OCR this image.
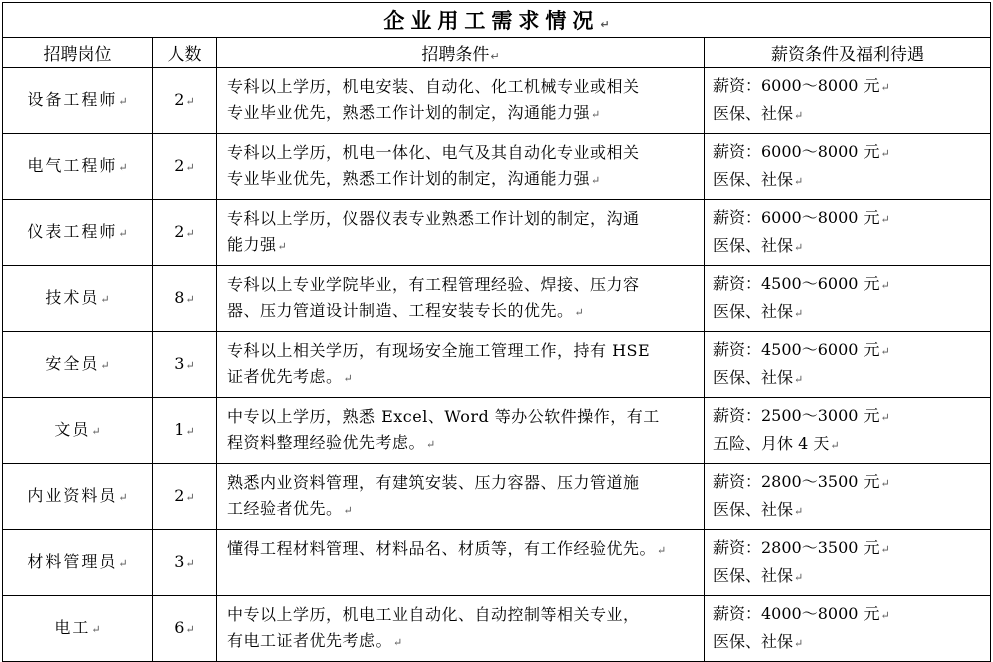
企业用工需求情况↵			
招聘岗位	人数	招聘条件↵	薪资条件及福利待遇
设备工程师↵	2↵	专科以上学历，机电安装、自动化、化工机械专业或相关
专业毕业优先，熟悉工作计划的制定，沟通能力强↵	薪资：6000～8000 元↵
医保、社保↵

电气工程师↵	2↵	专科以上学历，机电一体化、电气及其自动化专业或相关
专业毕业优先，熟悉工作计划的制定，沟通能力强↵	薪资：6000～8000 元↵
医保、社保↵

仪表工程师↵	2↵	专科以上学历，仪器仪表专业熟悉工作计划的制定，沟通
能力强↵	薪资：6000～8000 元↵
医保、社保↵

技术员↵	8↵	专科以上专业学院毕业，有工程管理经验、焊接、压力容
器、压力管道设计制造、工程安装专长的优先。↵	薪资：4500～6000 元↵
医保、社保↵

安全员↵	3↵	专科以上相关学历，有现场安全施工管理工作，持有 HSE
证者优先考虑。↵	薪资：4500～6000 元↵
医保、社保↵

文员↵	1↵	中专以上学历，熟悉 Excel、Word 等办公软件操作，有工
程资料整理经验优先考虑。↵	薪资：2500～3000 元↵
五险、月休 4 天↵

内业资料员↵	2↵	熟悉内业资料管理，有建筑安装、压力容器、压力管道施
工经验者优先。↵	薪资：2800～3500 元↵
医保、社保↵

材料管理员↵	3↵	懂得工程材料管理、材料品名、材质等，有工作经验优先。↵	薪资：2800～3500 元↵
医保、社保↵

电工↵	6↵	中专以上学历，机电工业自动化、自动控制等相关专业，
有电工证者优先考虑。↵	薪资：4000～8000 元↵
医保、社保↵
